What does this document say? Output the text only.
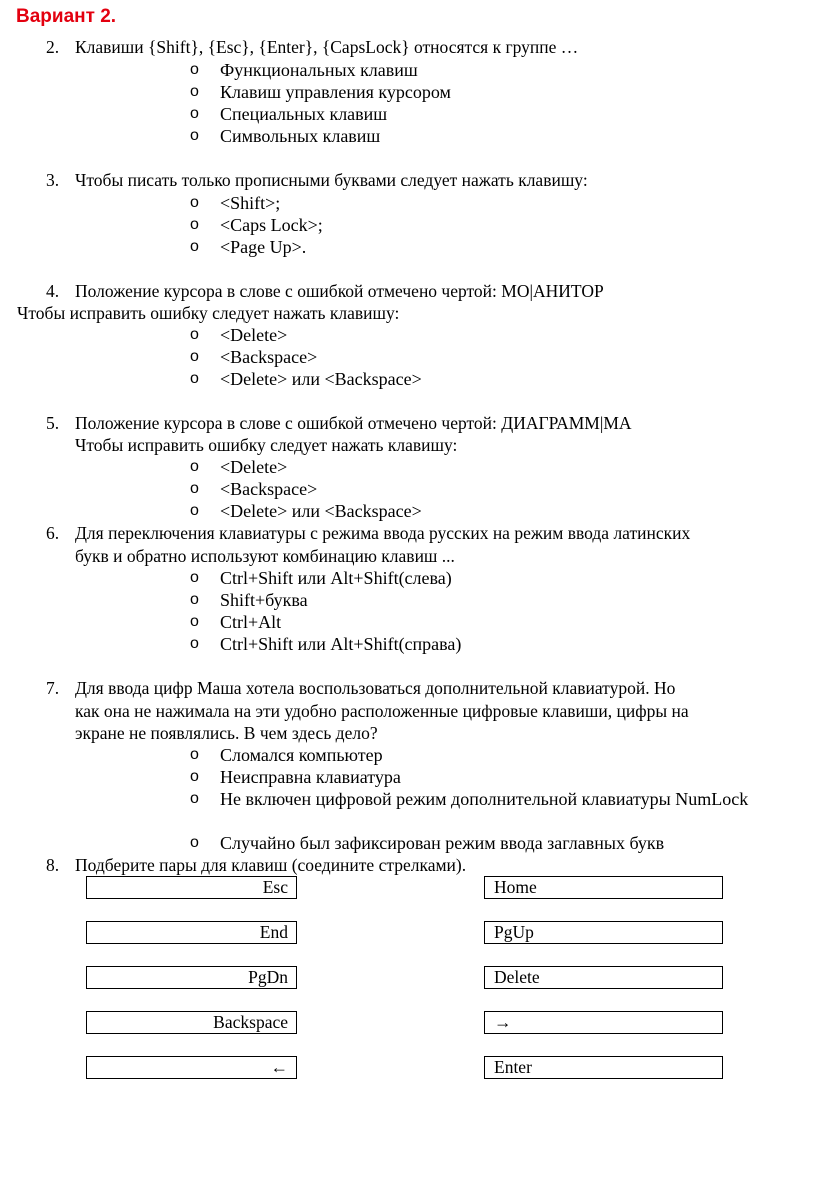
Вариант 2.
2. Клавиши {Shift}, {Esc}, {Enter}, {CapsLock} относятся к группе …
o Функциональных клавиш
o Клавиш управления курсором
o Специальных клавиш
o Символьных клавиш
3. Чтобы писать только прописными буквами следует нажать клавишу:
o <Shift>;
o <Caps Lock>;
o <Page Up>.
4. Положение курсора в слове с ошибкой отмечено чертой: МО|АНИТОР
Чтобы исправить ошибку следует нажать клавишу:
o <Delete>
o <Backspace>
o <Delete> или <Backspace>
5. Положение курсора в слове с ошибкой отмечено чертой: ДИАГРАММ|МА
Чтобы исправить ошибку следует нажать клавишу:
o <Delete>
o <Backspace>
o <Delete> или <Backspace>
6. Для переключения клавиатуры с режима ввода русских на режим ввода латинских
букв и обратно используют комбинацию клавиш ...
o Ctrl+Shift или Alt+Shift(слева)
o Shift+буква
o Ctrl+Alt
o Ctrl+Shift или Alt+Shift(справа)
7. Для ввода цифр Маша хотела воспользоваться дополнительной клавиатурой. Но
как она не нажимала на эти удобно расположенные цифровые клавиши, цифры на
экране не появлялись. В чем здесь дело?
o Сломался компьютер
o Неисправна клавиатура
o Не включен цифровой режим дополнительной клавиатуры NumLock
o Случайно был зафиксирован режим ввода заглавных букв
8. Подберите пары для клавиш (соедините стрелками).
Esc
End
PgDn
Backspace
←
Home
PgUp
Delete
→
Enter
